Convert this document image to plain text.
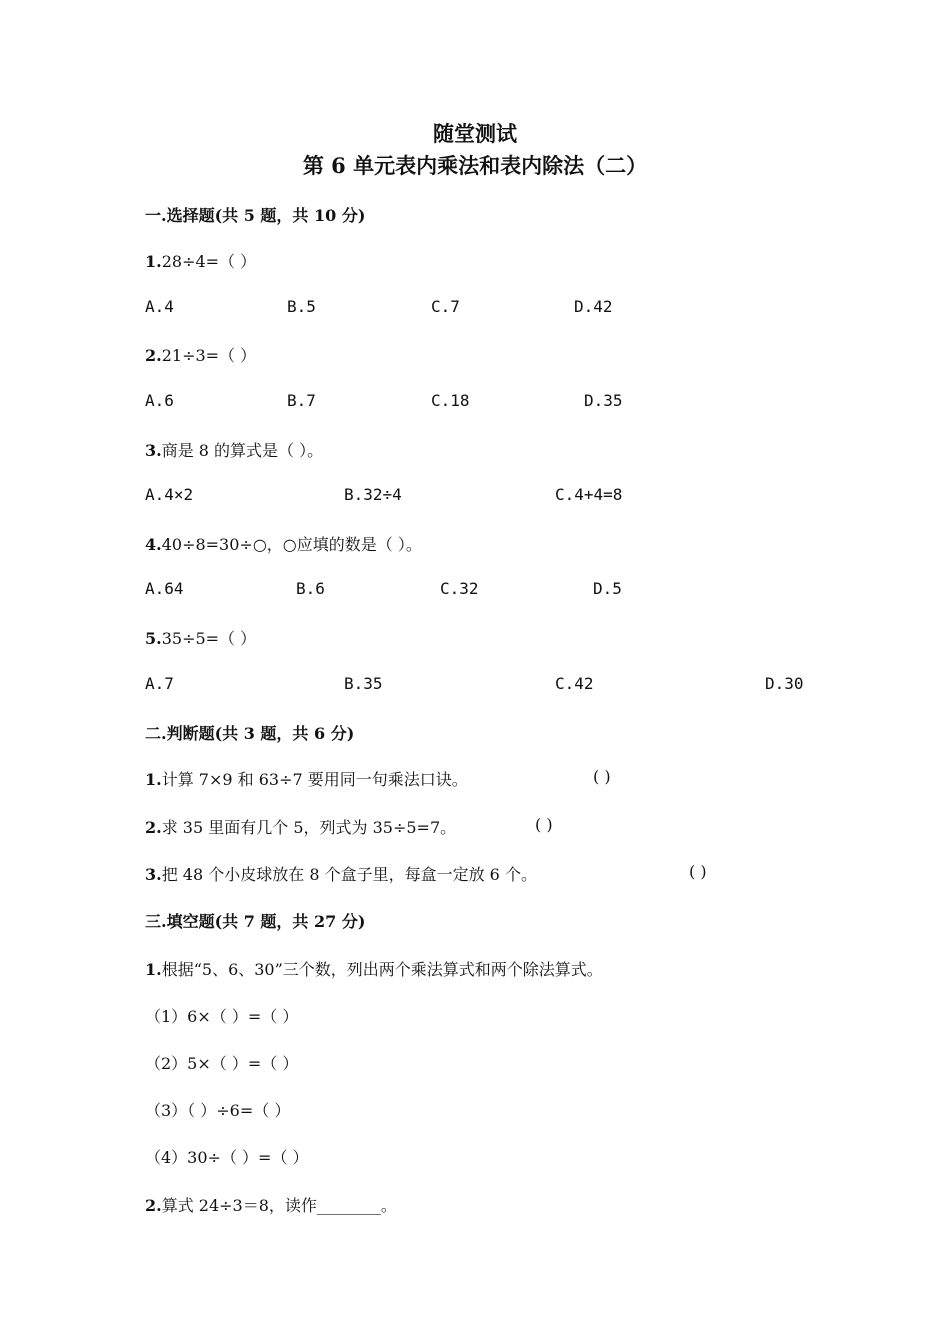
随堂测试
第 6 单元表内乘法和表内除法（二）
一.选择题(共 5 题，共 10 分)
1.28÷4=（ ）
A.4	B.5	C.7	D.42
2.21÷3=（ ）
A.6	B.7	C.18	D.35
3.商是 8 的算式是（ ）。
A.4×2	B.32÷4	C.4+4=8
4.40÷8=30÷○，○应填的数是（ ）。
A.64	B.6	C.32	D.5
5.35÷5=（ ）
A.7	B.35	C.42	D.30
二.判断题(共 3 题，共 6 分)
1.计算 7×9 和 63÷7 要用同一句乘法口诀。	( )
2.求 35 里面有几个 5，列式为 35÷5=7。	( )
3.把 48 个小皮球放在 8 个盒子里，每盒一定放 6 个。	( )
三.填空题(共 7 题，共 27 分)
1.根据“5、6、30”三个数，列出两个乘法算式和两个除法算式。
（1）6×（ ）=（ ）
（2）5×（ ）=（ ）
（3）（ ）÷6=（ ）
（4）30÷（ ）=（ ）
2.算式 24÷3＝8，读作________。
